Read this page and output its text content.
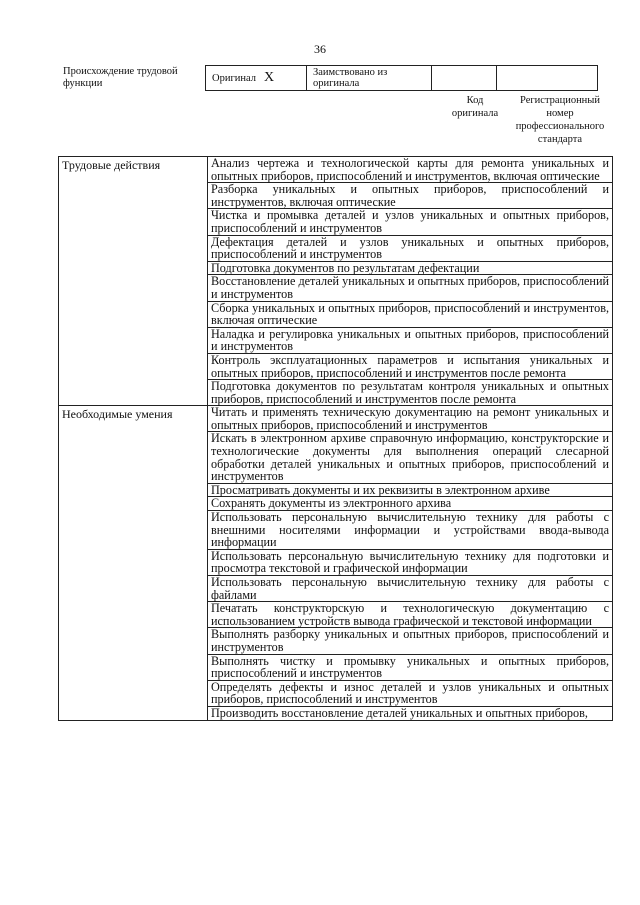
36
Происхождение трудовой функции	Оригинал X	Заимствовано из оригинала		
Код оригинала
Регистрационный номер профессионального стандарта
Трудовые действия	Анализ чертежа и технологической карты для ремонта уникальных и опытных приборов, приспособлений и инструментов, включая оптические
	Разборка уникальных и опытных приборов, приспособлений и инструментов, включая оптические
	Чистка и промывка деталей и узлов уникальных и опытных приборов, приспособлений и инструментов
	Дефектация деталей и узлов уникальных и опытных приборов, приспособлений и инструментов
	Подготовка документов по результатам дефектации
	Восстановление деталей уникальных и опытных приборов, приспособлений и инструментов
	Сборка уникальных и опытных приборов, приспособлений и инструментов, включая оптические
	Наладка и регулировка уникальных и опытных приборов, приспособлений и инструментов
	Контроль эксплуатационных параметров и испытания уникальных и опытных приборов, приспособлений и инструментов после ремонта
	Подготовка документов по результатам контроля уникальных и опытных приборов, приспособлений и инструментов после ремонта
Необходимые умения	Читать и применять техническую документацию на ремонт уникальных и опытных приборов, приспособлений и инструментов
	Искать в электронном архиве справочную информацию, конструкторские и технологические документы для выполнения операций слесарной обработки деталей уникальных и опытных приборов, приспособлений и инструментов
	Просматривать документы и их реквизиты в электронном архиве
	Сохранять документы из электронного архива
	Использовать персональную вычислительную технику для работы с внешними носителями информации и устройствами ввода-вывода информации
	Использовать персональную вычислительную технику для подготовки и просмотра текстовой и графической информации
	Использовать персональную вычислительную технику для работы с файлами
	Печатать конструкторскую и технологическую документацию с использованием устройств вывода графической и текстовой информации
	Выполнять разборку уникальных и опытных приборов, приспособлений и инструментов
	Выполнять чистку и промывку уникальных и опытных приборов, приспособлений и инструментов
	Определять дефекты и износ деталей и узлов уникальных и опытных приборов, приспособлений и инструментов
	Производить восстановление деталей уникальных и опытных приборов,
